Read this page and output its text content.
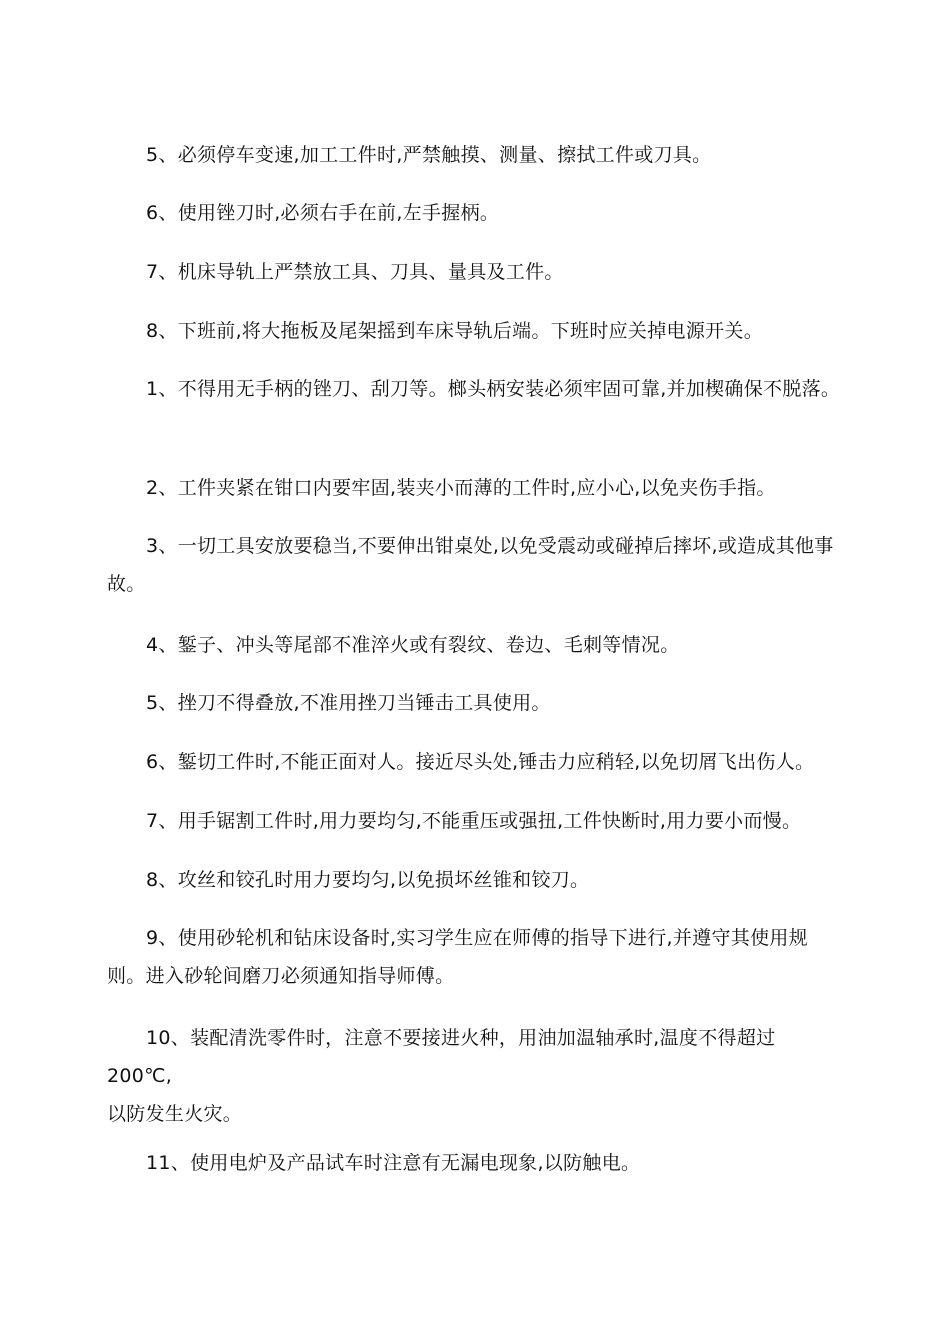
5、必须停车变速,加工工件时,严禁触摸、测量、擦拭工件或刀具。

6、使用锉刀时,必须右手在前,左手握柄。

7、机床导轨上严禁放工具、刀具、量具及工件。

8、下班前,将大拖板及尾架摇到车床导轨后端。下班时应关掉电源开关。

1、不得用无手柄的锉刀、刮刀等。榔头柄安装必须牢固可靠,并加楔确保不脱落。

2、工件夹紧在钳口内要牢固,装夹小而薄的工件时,应小心,以免夹伤手指。

3、一切工具安放要稳当,不要伸出钳桌处,以免受震动或碰掉后摔坏,或造成其他事故。

4、錾子、冲头等尾部不准淬火或有裂纹、卷边、毛刺等情况。

5、挫刀不得叠放,不准用挫刀当锤击工具使用。

6、錾切工件时,不能正面对人。接近尽头处,锤击力应稍轻,以免切屑飞出伤人。

7、用手锯割工件时,用力要均匀,不能重压或强扭,工件快断时,用力要小而慢。

8、攻丝和铰孔时用力要均匀,以免损坏丝锥和铰刀。

9、使用砂轮机和钻床设备时,实习学生应在师傅的指导下进行,并遵守其使用规则。进入砂轮间磨刀必须通知指导师傅。

10、装配清洗零件时，注意不要接进火种，用油加温轴承时,温度不得超过

200℃,

以防发生火灾。

11、使用电炉及产品试车时注意有无漏电现象,以防触电。
